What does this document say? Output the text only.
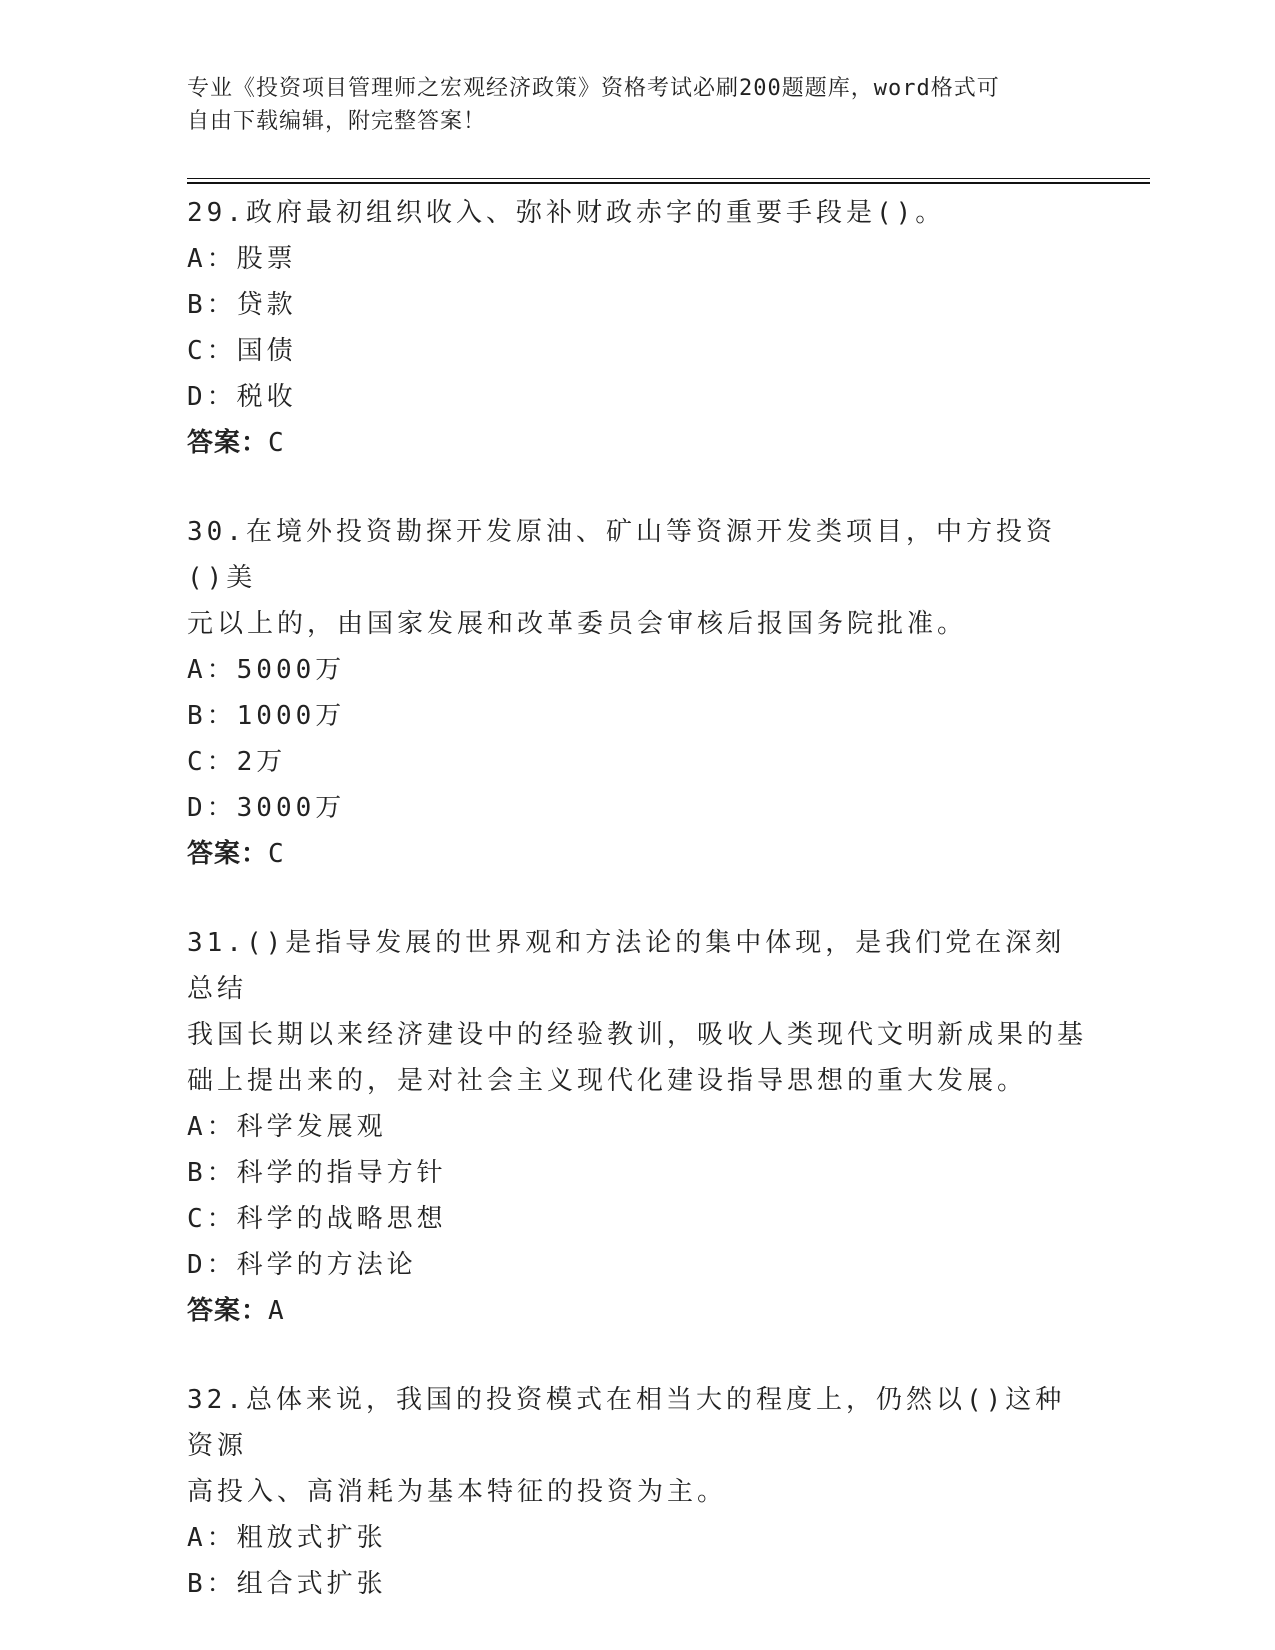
专业《投资项目管理师之宏观经济政策》资格考试必刷200题题库，word格式可
自由下载编辑，附完整答案！
29.政府最初组织收入、弥补财政赤字的重要手段是()。
A：股票
B：贷款
C：国债
D：税收
答案：C
30.在境外投资勘探开发原油、矿山等资源开发类项目，中方投资()美
元以上的，由国家发展和改革委员会审核后报国务院批准。
A：5000万
B：1000万
C：2万
D：3000万
答案：C
31.()是指导发展的世界观和方法论的集中体现，是我们党在深刻总结
我国长期以来经济建设中的经验教训，吸收人类现代文明新成果的基
础上提出来的，是对社会主义现代化建设指导思想的重大发展。
A：科学发展观
B：科学的指导方针
C：科学的战略思想
D：科学的方法论
答案：A
32.总体来说，我国的投资模式在相当大的程度上，仍然以()这种资源
高投入、高消耗为基本特征的投资为主。
A：粗放式扩张
B：组合式扩张
